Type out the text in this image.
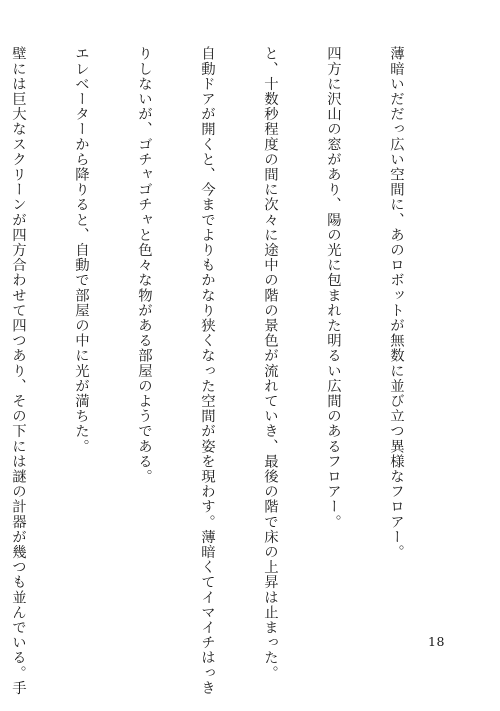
薄暗いだだっ広い空間に、あのロボットが無数に並び立つ異様なフロアー。

四方に沢山の窓があり、陽の光に包まれた明るい広間のあるフロアー。

と、十数秒程度の間に次々に途中の階の景色が流れていき、最後の階で床の上昇は止まった。

自動ドアが開くと、今までよりもかなり狭くなった空間が姿を現わす。薄暗くてイマイチはっき

りしないが、ゴチャゴチャと色々な物がある部屋のようである。

エレベーターから降りると、自動で部屋の中に光が満ちた。

壁には巨大なスクリーンが四方合わせて四つあり、その下には謎の計器が幾つも並んでいる。手

	18
